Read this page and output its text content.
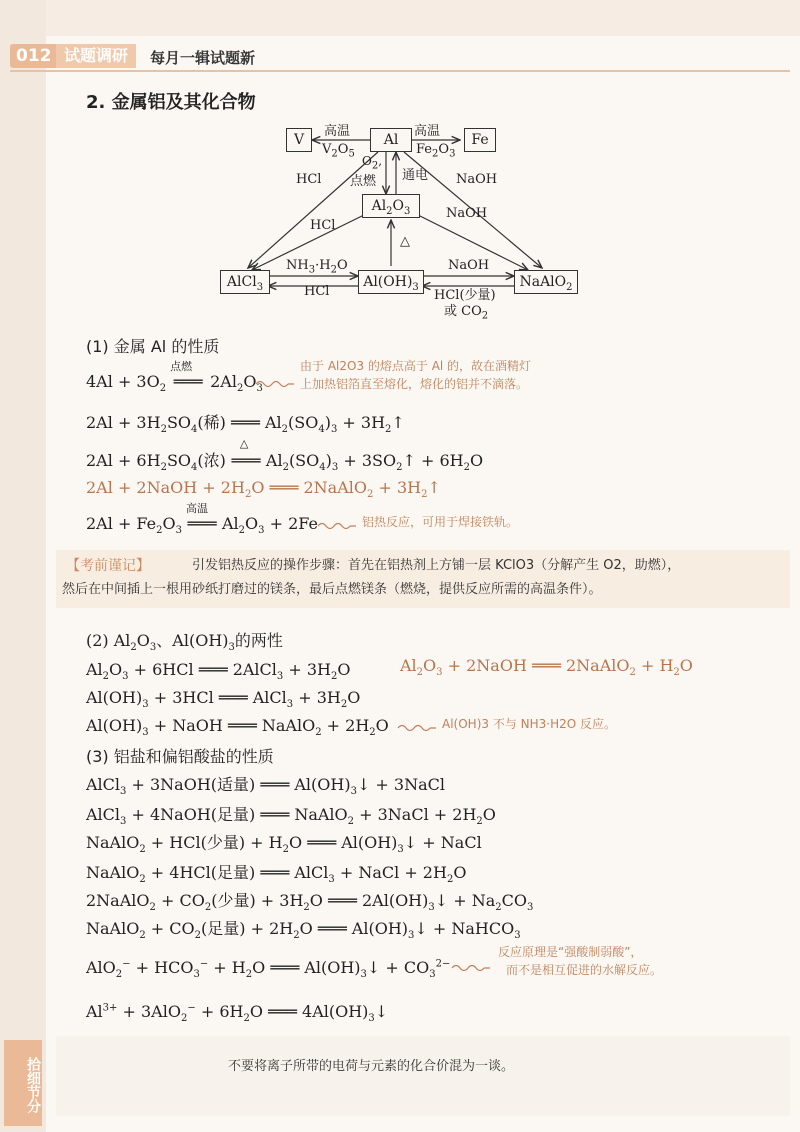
012 试题调研	每月一辑试题新
2. 金属铝及其化合物
Al
V	Fe
$Al_2O_3$
AlCl$_3$	$Al(OH)_3$	NaAlO$_2$
高温
$V_2O_5$
高温
$Fe_2O_3$
$O_2$,
点燃 通电
HCl	NaOH
HCl
NaOH
△
$NH_3\cdot H_2O$
HCl
NaOH
HCl(少量)
或 $CO_2$
(1) 金属 Al 的性质
$4Al + 3O_2$
点燃
═══ $2Al_2O_3$
由于 Al2O3 的熔点高于 Al 的，故在酒精灯
上加热铝箔直至熔化，熔化的铝并不滴落。
$2Al + 3H_2SO_4$(稀) ═══ $Al_2(SO_4)_3$ + $3H_2↑$
$2Al + 6H_2SO_4$(浓)
△
═══ $Al_2(SO_4)_3$ + $3SO_2↑ + 6H_2O$
2Al + 2NaOH + $2H_2O$ ═══ 2NaAlO$_2$ + $3H_2↑$
$2Al + Fe_2O_3$
高温
═══ $Al_2O_3 + 2Fe$	铝热反应，可用于焊接铁轨。
【考前谨记】	引发铝热反应的操作步骤：首先在铝热剂上方铺一层 KClO3（分解产生 O2，助燃），
然后在中间插上一根用砂纸打磨过的镁条，最后点燃镁条（燃烧，提供反应所需的高温条件）。
(2) $Al_2O_3$、$Al(OH)_3$的两性
$Al_2O_3 + 6HCl$ ═══ 2AlCl$_3$ + $3H_2O$	$Al_2O_3$ + 2NaOH ═══ 2NaAlO$_2$ + $H_2O$
$Al(OH)_3 + 3HCl$ ═══ AlCl$_3$ + $3H_2O$
$Al(OH)_3$ + NaOH ═══ NaAlO$_2$ + $2H_2O$	Al(OH)3 不与 NH3·H2O 反应。
(3) 铝盐和偏铝酸盐的性质
AlCl$_3$ + 3NaOH(适量) ═══ $Al(OH)_3↓$ + 3NaCl
AlCl$_3$ + 4NaOH(足量) ═══ NaAlO$_2$ + 3NaCl + $2H_2O$
NaAlO$_2$ + HCl(少量) + $H_2O$ ═══ $Al(OH)_3↓$ + NaCl
NaAlO$_2$ + 4HCl(足量) ═══ AlCl$_3$ + NaCl + $2H_2O$
2NaAlO$_2$ + $CO_2$(少量) + $3H_2O$ ═══ $2Al(OH)_3↓ + Na_2CO_3$
NaAlO$_2$ + $CO_2$(足量) + $2H_2O$ ═══ $Al(OH)_3↓$ + NaHCO$_3$
$AlO_2^- + HCO_3^- + H_2O$ ═══ $Al(OH)_3↓ + CO_3^{2-}$
反应原理是“强酸制弱酸”，
而不是相互促进的水解反应。
$Al^{3+} + 3AlO_2^- + 6H_2O$ ═══ $4Al(OH)_3↓$
拾细节分	不要将离子所带的电荷与元素的化合价混为一谈。
